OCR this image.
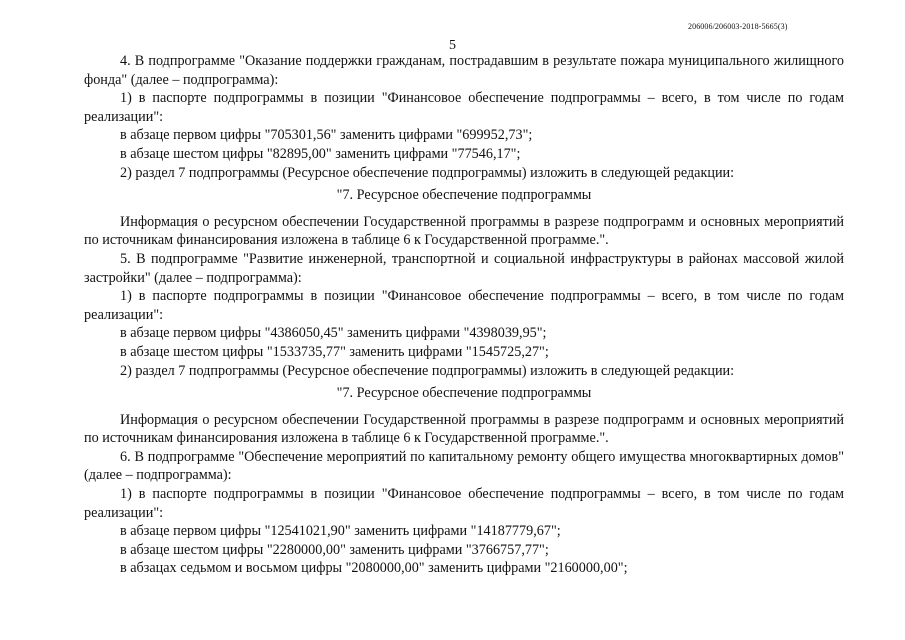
206006/206003-2018-5665(3)
5

4. В подпрограмме "Оказание поддержки гражданам, пострадавшим в результате пожара муниципального жилищного фонда" (далее – подпрограмма):

1) в паспорте подпрограммы в позиции "Финансовое обеспечение подпрограммы – всего, в том числе по годам реализации":

в абзаце первом цифры "705301,56" заменить цифрами "699952,73";

в абзаце шестом цифры "82895,00" заменить цифрами "77546,17";

2) раздел 7 подпрограммы (Ресурсное обеспечение подпрограммы) изложить в следующей редакции:

"7. Ресурсное обеспечение подпрограммы

Информация о ресурсном обеспечении Государственной программы в разрезе подпрограмм и основных мероприятий по источникам финансирования изложена в таблице 6 к Государственной программе.".

5. В подпрограмме "Развитие инженерной, транспортной и социальной инфраструктуры в районах массовой жилой застройки" (далее – подпрограмма):

1) в паспорте подпрограммы в позиции "Финансовое обеспечение подпрограммы – всего, в том числе по годам реализации":

в абзаце первом цифры "4386050,45" заменить цифрами "4398039,95";

в абзаце шестом цифры "1533735,77" заменить цифрами "1545725,27";

2) раздел 7 подпрограммы (Ресурсное обеспечение подпрограммы) изложить в следующей редакции:

"7. Ресурсное обеспечение подпрограммы

Информация о ресурсном обеспечении Государственной программы в разрезе подпрограмм и основных мероприятий по источникам финансирования изложена в таблице 6 к Государственной программе.".

6. В подпрограмме "Обеспечение мероприятий по капитальному ремонту общего имущества многоквартирных домов" (далее – подпрограмма):

1) в паспорте подпрограммы в позиции "Финансовое обеспечение подпрограммы – всего, в том числе по годам реализации":

в абзаце первом цифры "12541021,90" заменить цифрами "14187779,67";

в абзаце шестом цифры "2280000,00" заменить цифрами "3766757,77";

в абзацах седьмом и восьмом цифры "2080000,00" заменить цифрами "2160000,00";
